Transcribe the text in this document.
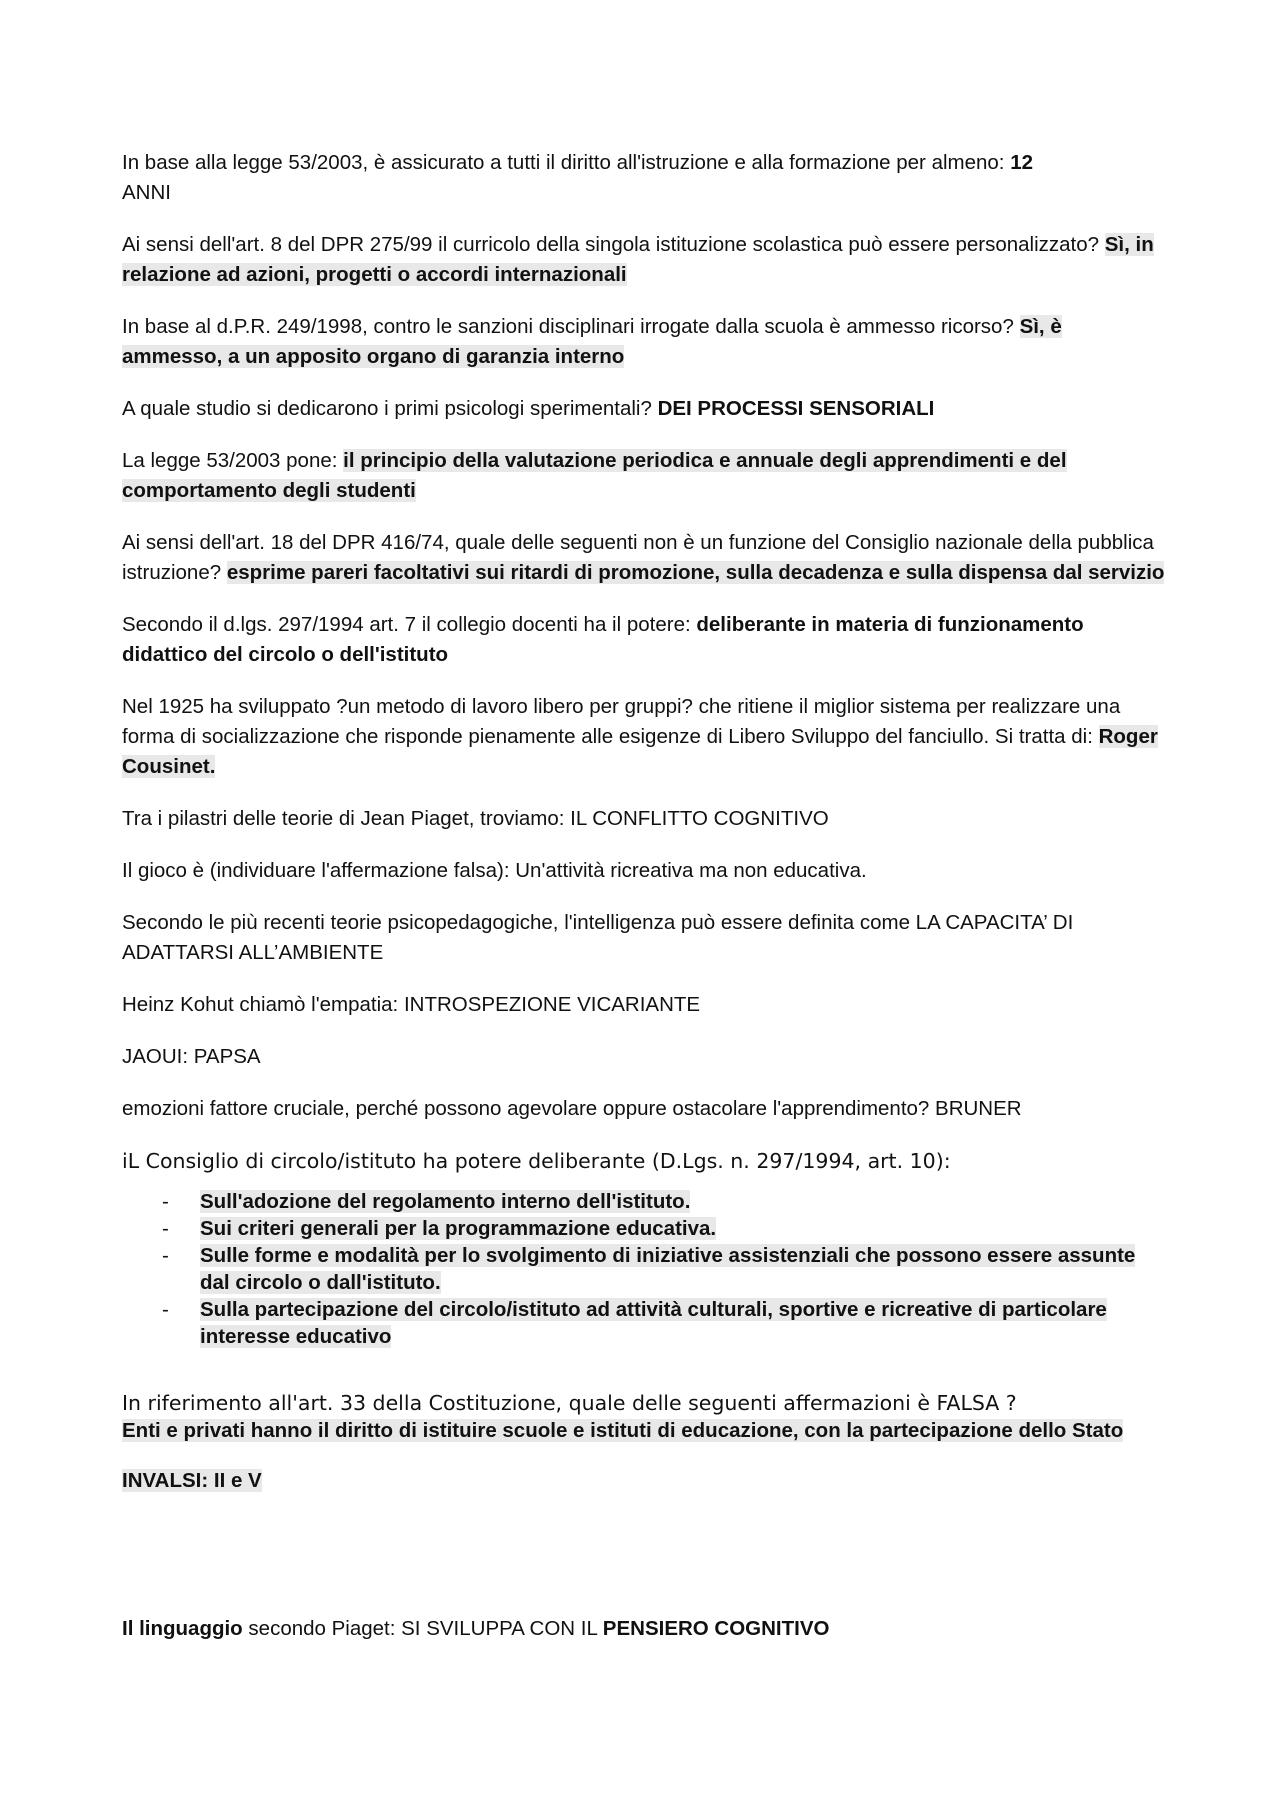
In base alla legge 53/2003, è assicurato a tutti il diritto all'istruzione e alla formazione per almeno: 12
ANNI

Ai sensi dell'art. 8 del DPR 275/99 il curricolo della singola istituzione scolastica può essere personalizzato? Sì, in relazione ad azioni, progetti o accordi internazionali

In base al d.P.R. 249/1998, contro le sanzioni disciplinari irrogate dalla scuola è ammesso ricorso? Sì, è ammesso, a un apposito organo di garanzia interno

A quale studio si dedicarono i primi psicologi sperimentali? DEI PROCESSI SENSORIALI

La legge 53/2003 pone: il principio della valutazione periodica e annuale degli apprendimenti e del comportamento degli studenti

Ai sensi dell'art. 18 del DPR 416/74, quale delle seguenti non è un funzione del Consiglio nazionale della pubblica istruzione? esprime pareri facoltativi sui ritardi di promozione, sulla decadenza e sulla dispensa dal servizio

Secondo il d.lgs. 297/1994 art. 7 il collegio docenti ha il potere: deliberante in materia di funzionamento didattico del circolo o dell'istituto

Nel 1925 ha sviluppato ?un metodo di lavoro libero per gruppi? che ritiene il miglior sistema per realizzare una forma di socializzazione che risponde pienamente alle esigenze di Libero Sviluppo del fanciullo. Si tratta di: Roger Cousinet.

Tra i pilastri delle teorie di Jean Piaget, troviamo: IL CONFLITTO COGNITIVO

Il gioco è (individuare l'affermazione falsa): Un'attività ricreativa ma non educativa.

Secondo le più recenti teorie psicopedagogiche, l'intelligenza può essere definita come LA CAPACITA’ DI ADATTARSI ALL’AMBIENTE

Heinz Kohut chiamò l'empatia: INTROSPEZIONE VICARIANTE

JAOUI: PAPSA

emozioni fattore cruciale, perché possono agevolare oppure ostacolare l'apprendimento? BRUNER

iL Consiglio di circolo/istituto ha potere deliberante (D.Lgs. n. 297/1994, art. 10):

- Sull'adozione del regolamento interno dell'istituto.
- Sui criteri generali per la programmazione educativa.
- Sulle forme e modalità per lo svolgimento di iniziative assistenziali che possono essere assunte dal circolo o dall'istituto.
- Sulla partecipazione del circolo/istituto ad attività culturali, sportive e ricreative di particolare interesse educativo

In riferimento all'art. 33 della Costituzione, quale delle seguenti affermazioni è FALSA ?
Enti e privati hanno il diritto di istituire scuole e istituti di educazione, con la partecipazione dello Stato

INVALSI: II e V

Il linguaggio secondo Piaget: SI SVILUPPA CON IL PENSIERO COGNITIVO
